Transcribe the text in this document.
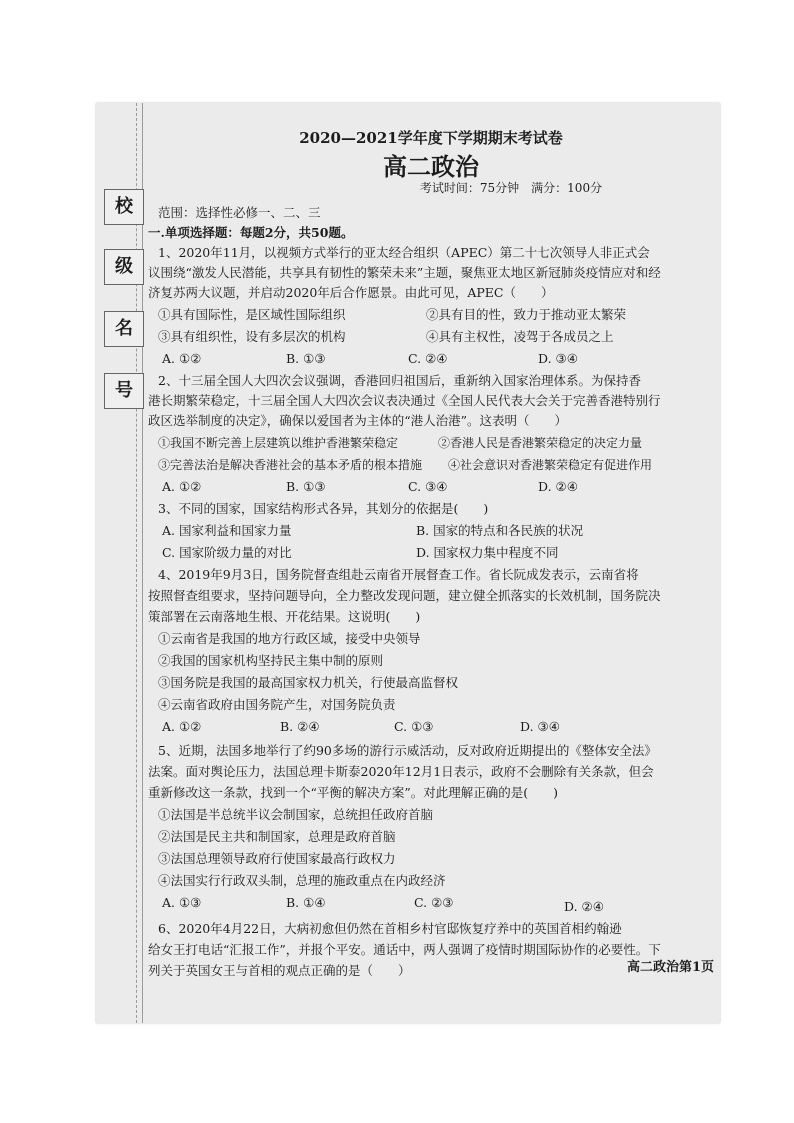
校
级
名
号
2020—2021学年度下学期期末考试卷
高二政治
考试时间：75分钟　满分：100分
范围：选择性必修一、二、三
一.单项选择题：每题2分，共50题。
1、2020年11月，以视频方式举行的亚太经合组织（APEC）第二十七次领导人非正式会
议围绕“激发人民潜能，共享具有韧性的繁荣未来”主题，聚焦亚太地区新冠肺炎疫情应对和经
济复苏两大议题，并启动2020年后合作愿景。由此可见，APEC（　　）
①具有国际性，是区域性国际组织	②具有目的性，致力于推动亚太繁荣
③具有组织性，设有多层次的机构	④具有主权性，凌驾于各成员之上
A. ①②	B. ①③	C. ②④	D. ③④
2、十三届全国人大四次会议强调，香港回归祖国后，重新纳入国家治理体系。为保持香
港长期繁荣稳定，十三届全国人大四次会议表决通过《全国人民代表大会关于完善香港特别行
政区选举制度的决定》，确保以爱国者为主体的“港人治港”。这表明（　　）
①我国不断完善上层建筑以维护香港繁荣稳定	②香港人民是香港繁荣稳定的决定力量
③完善法治是解决香港社会的基本矛盾的根本措施 ④社会意识对香港繁荣稳定有促进作用
A. ①②	B. ①③	C. ③④	D. ②④
3、不同的国家，国家结构形式各异，其划分的依据是(　　)
A. 国家利益和国家力量	B. 国家的特点和各民族的状况
C. 国家阶级力量的对比	D. 国家权力集中程度不同
4、2019年9月3日，国务院督查组赴云南省开展督查工作。省长阮成发表示，云南省将
按照督查组要求，坚持问题导向，全力整改发现问题，建立健全抓落实的长效机制，国务院决
策部署在云南落地生根、开花结果。这说明(　　)
①云南省是我国的地方行政区域，接受中央领导
②我国的国家机构坚持民主集中制的原则
③国务院是我国的最高国家权力机关，行使最高监督权
④云南省政府由国务院产生，对国务院负责
A. ①②	B. ②④	C. ①③	D. ③④
5、近期，法国多地举行了约90多场的游行示威活动，反对政府近期提出的《整体安全法》
法案。面对舆论压力，法国总理卡斯泰2020年12月1日表示，政府不会删除有关条款，但会
重新修改这一条款，找到一个“平衡的解决方案”。对此理解正确的是(　　)
①法国是半总统半议会制国家，总统担任政府首脑
②法国是民主共和制国家，总理是政府首脑
③法国总理领导政府行使国家最高行政权力
④法国实行行政双头制，总理的施政重点在内政经济
A. ①③	B. ①④	C. ②③	D. ②④
6、2020年4月22日，大病初愈但仍然在首相乡村官邸恢复疗养中的英国首相约翰逊
给女王打电话“汇报工作”，并报个平安。通话中，两人强调了疫情时期国际协作的必要性。下
列关于英国女王与首相的观点正确的是（　　）	高二政治第1页
